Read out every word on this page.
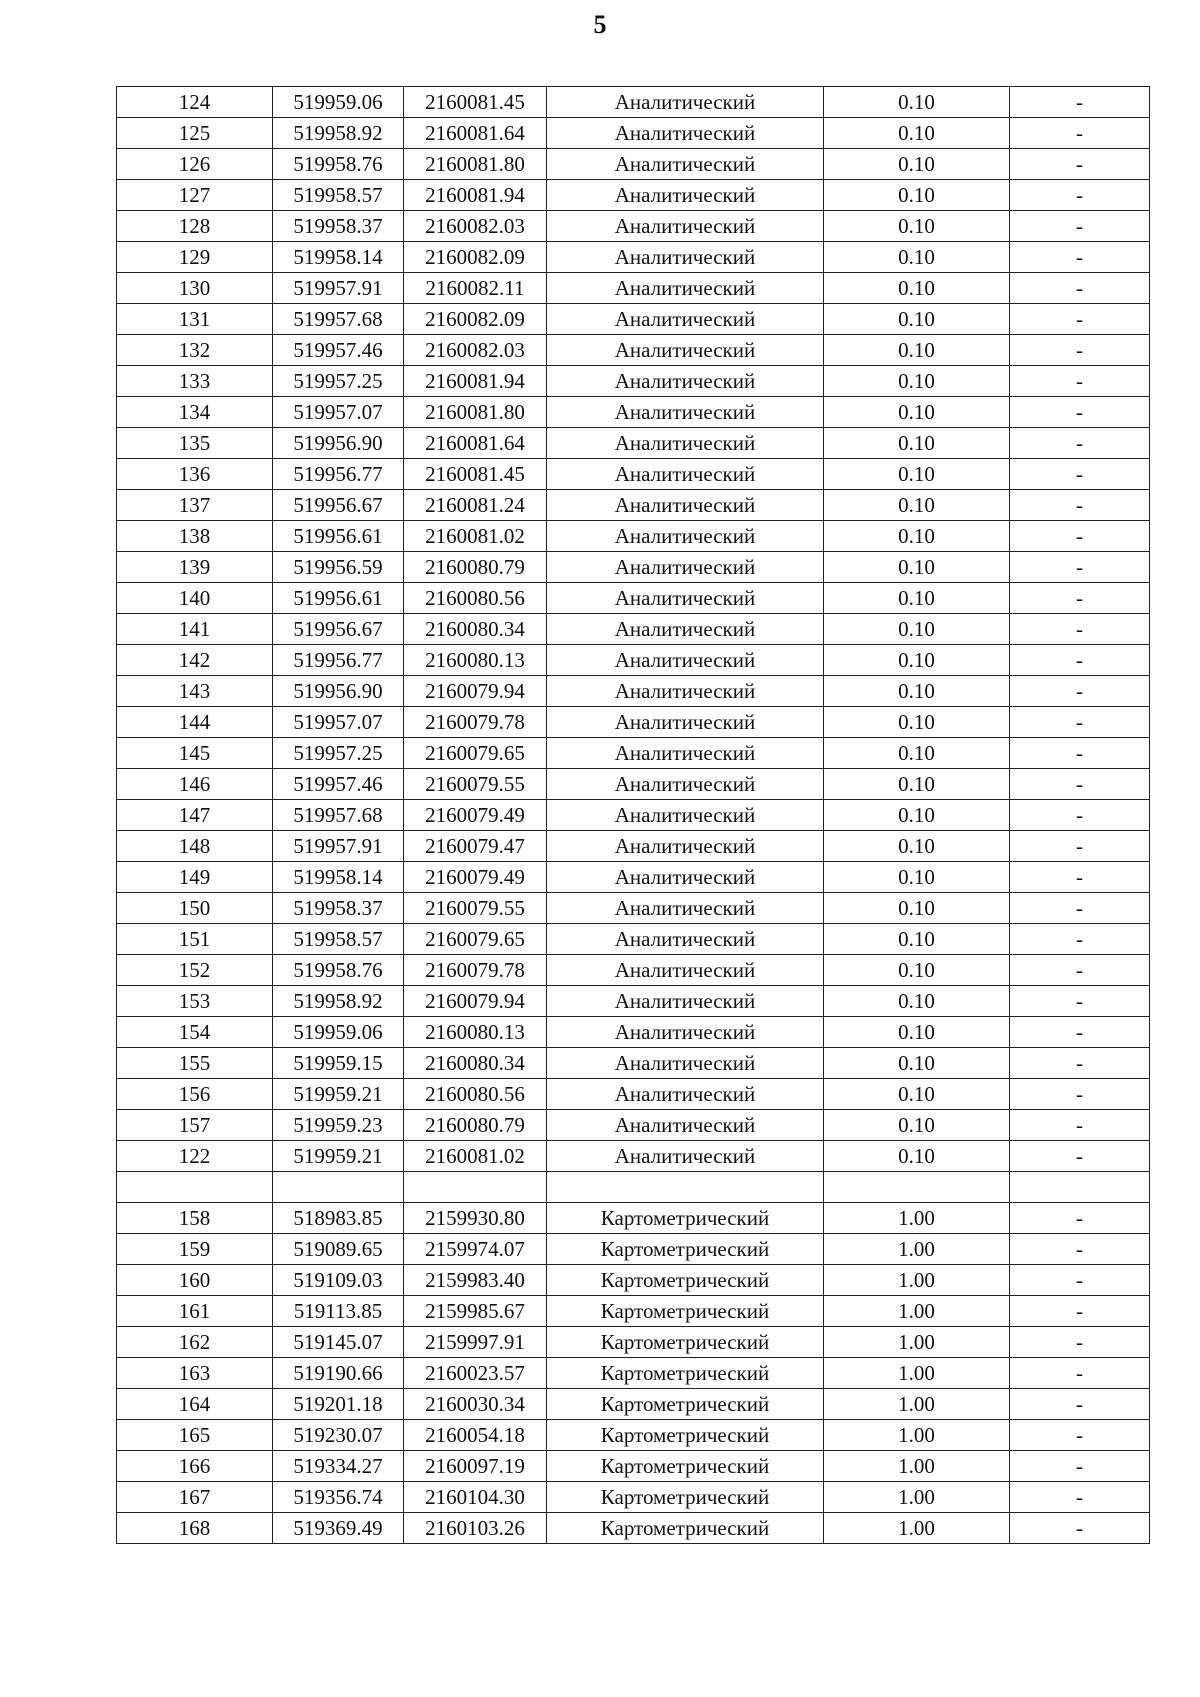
5
124	519959.06	2160081.45	Аналитический	0.10	-
125	519958.92	2160081.64	Аналитический	0.10	-
126	519958.76	2160081.80	Аналитический	0.10	-
127	519958.57	2160081.94	Аналитический	0.10	-
128	519958.37	2160082.03	Аналитический	0.10	-
129	519958.14	2160082.09	Аналитический	0.10	-
130	519957.91	2160082.11	Аналитический	0.10	-
131	519957.68	2160082.09	Аналитический	0.10	-
132	519957.46	2160082.03	Аналитический	0.10	-
133	519957.25	2160081.94	Аналитический	0.10	-
134	519957.07	2160081.80	Аналитический	0.10	-
135	519956.90	2160081.64	Аналитический	0.10	-
136	519956.77	2160081.45	Аналитический	0.10	-
137	519956.67	2160081.24	Аналитический	0.10	-
138	519956.61	2160081.02	Аналитический	0.10	-
139	519956.59	2160080.79	Аналитический	0.10	-
140	519956.61	2160080.56	Аналитический	0.10	-
141	519956.67	2160080.34	Аналитический	0.10	-
142	519956.77	2160080.13	Аналитический	0.10	-
143	519956.90	2160079.94	Аналитический	0.10	-
144	519957.07	2160079.78	Аналитический	0.10	-
145	519957.25	2160079.65	Аналитический	0.10	-
146	519957.46	2160079.55	Аналитический	0.10	-
147	519957.68	2160079.49	Аналитический	0.10	-
148	519957.91	2160079.47	Аналитический	0.10	-
149	519958.14	2160079.49	Аналитический	0.10	-
150	519958.37	2160079.55	Аналитический	0.10	-
151	519958.57	2160079.65	Аналитический	0.10	-
152	519958.76	2160079.78	Аналитический	0.10	-
153	519958.92	2160079.94	Аналитический	0.10	-
154	519959.06	2160080.13	Аналитический	0.10	-
155	519959.15	2160080.34	Аналитический	0.10	-
156	519959.21	2160080.56	Аналитический	0.10	-
157	519959.23	2160080.79	Аналитический	0.10	-
122	519959.21	2160081.02	Аналитический	0.10	-

158	518983.85	2159930.80	Картометрический	1.00	-
159	519089.65	2159974.07	Картометрический	1.00	-
160	519109.03	2159983.40	Картометрический	1.00	-
161	519113.85	2159985.67	Картометрический	1.00	-
162	519145.07	2159997.91	Картометрический	1.00	-
163	519190.66	2160023.57	Картометрический	1.00	-
164	519201.18	2160030.34	Картометрический	1.00	-
165	519230.07	2160054.18	Картометрический	1.00	-
166	519334.27	2160097.19	Картометрический	1.00	-
167	519356.74	2160104.30	Картометрический	1.00	-
168	519369.49	2160103.26	Картометрический	1.00	-
